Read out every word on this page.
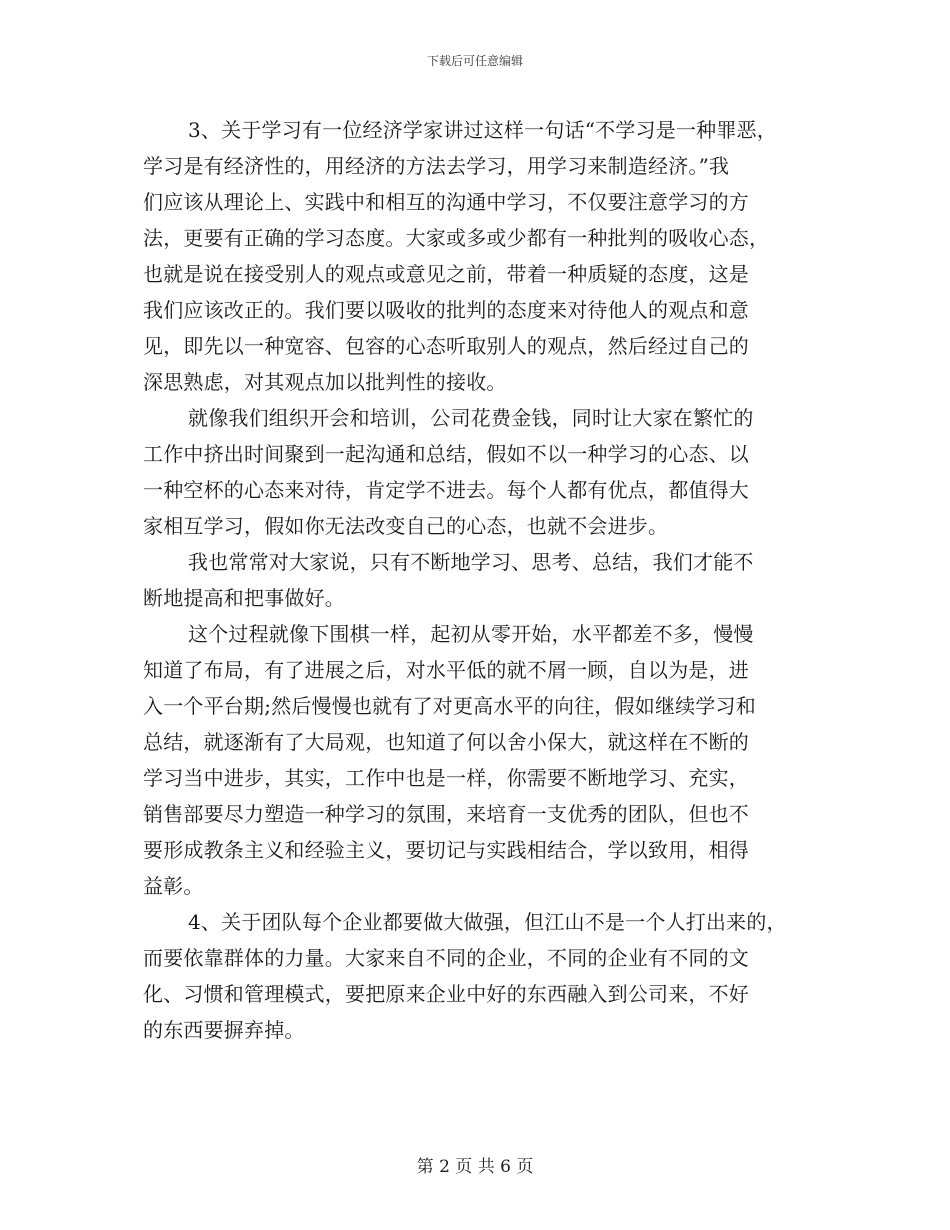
下载后可任意编辑
3、关于学习有一位经济学家讲过这样一句话“不学习是一种罪恶，
学习是有经济性的，用经济的方法去学习，用学习来制造经济。”我
们应该从理论上、实践中和相互的沟通中学习，不仅要注意学习的方
法，更要有正确的学习态度。大家或多或少都有一种批判的吸收心态，
也就是说在接受别人的观点或意见之前，带着一种质疑的态度，这是
我们应该改正的。我们要以吸收的批判的态度来对待他人的观点和意
见，即先以一种宽容、包容的心态听取别人的观点，然后经过自己的
深思熟虑，对其观点加以批判性的接收。
就像我们组织开会和培训，公司花费金钱，同时让大家在繁忙的
工作中挤出时间聚到一起沟通和总结，假如不以一种学习的心态、以
一种空杯的心态来对待，肯定学不进去。每个人都有优点，都值得大
家相互学习，假如你无法改变自己的心态，也就不会进步。
我也常常对大家说，只有不断地学习、思考、总结，我们才能不
断地提高和把事做好。
这个过程就像下围棋一样，起初从零开始，水平都差不多，慢慢
知道了布局，有了进展之后，对水平低的就不屑一顾，自以为是，进
入一个平台期;然后慢慢也就有了对更高水平的向往，假如继续学习和
总结，就逐渐有了大局观，也知道了何以舍小保大，就这样在不断的
学习当中进步，其实，工作中也是一样，你需要不断地学习、充实，
销售部要尽力塑造一种学习的氛围，来培育一支优秀的团队，但也不
要形成教条主义和经验主义，要切记与实践相结合，学以致用，相得
益彰。
4、关于团队每个企业都要做大做强，但江山不是一个人打出来的，
而要依靠群体的力量。大家来自不同的企业，不同的企业有不同的文
化、习惯和管理模式，要把原来企业中好的东西融入到公司来，不好
的东西要摒弃掉。
第 2 页 共 6 页
